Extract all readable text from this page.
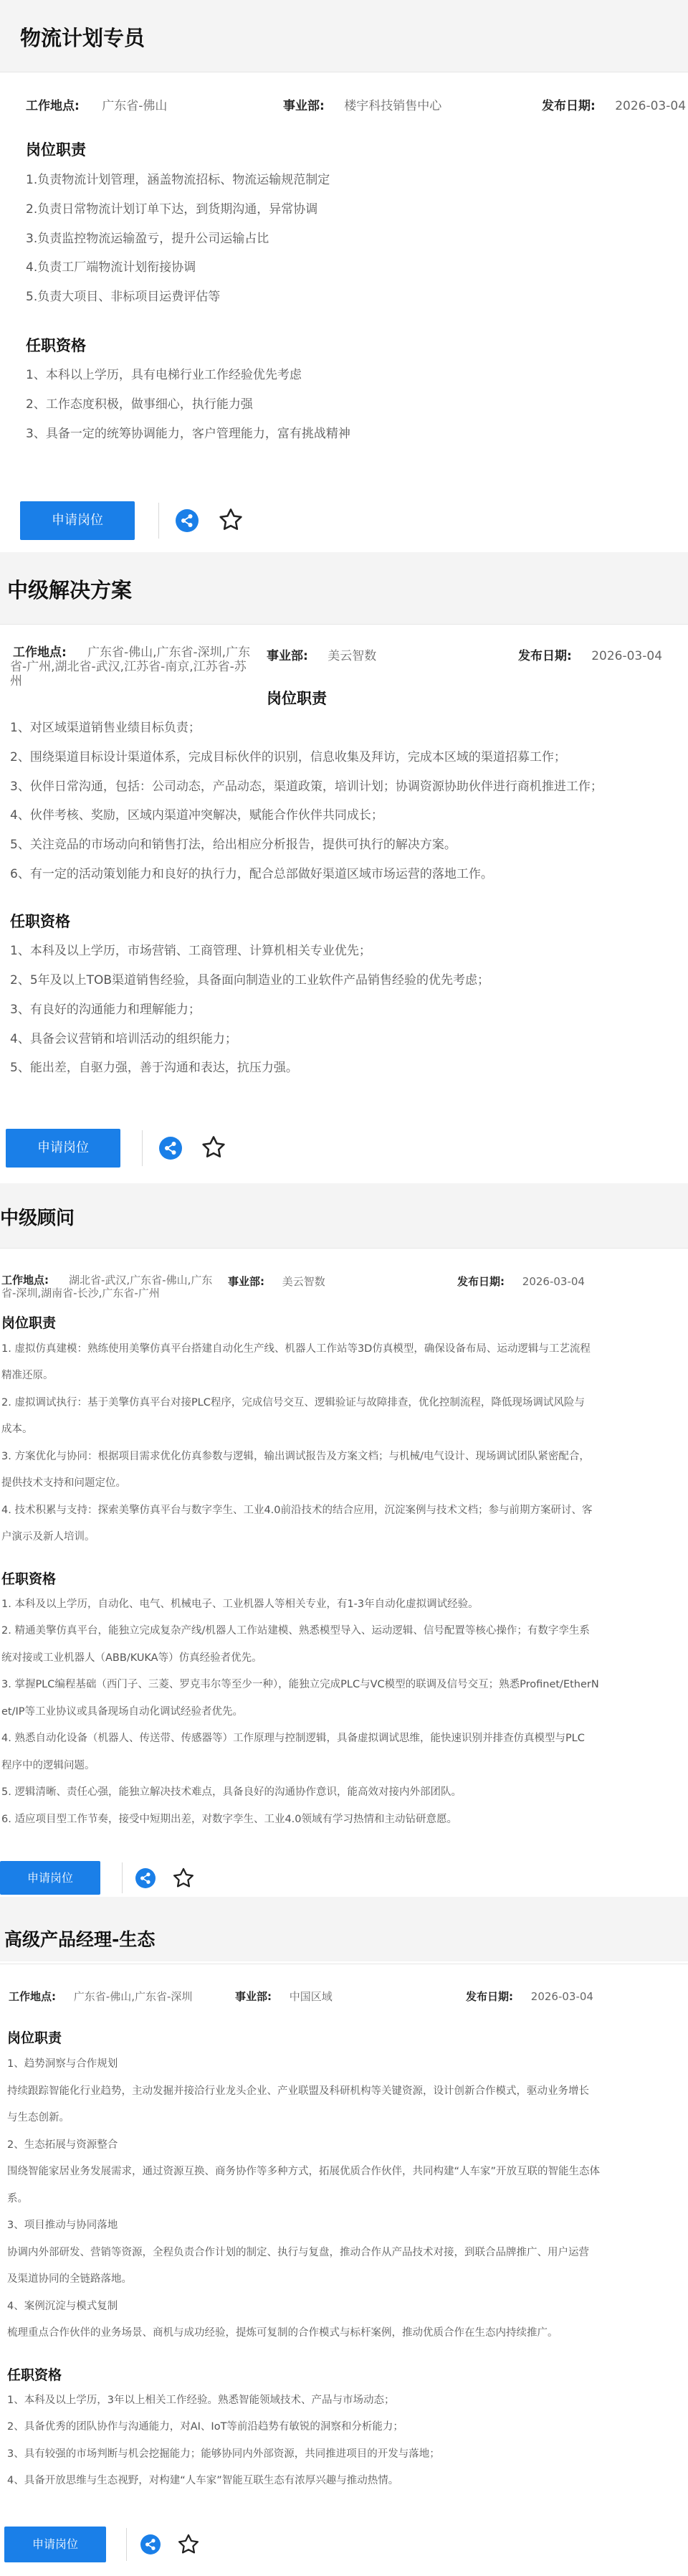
物流计划专员
工作地点: 广东省-佛山	事业部: 楼宇科技销售中心	发布日期: 2026-03-04
岗位职责
1.负责物流计划管理，涵盖物流招标、物流运输规范制定
2.负责日常物流计划订单下达，到货期沟通，异常协调
3.负责监控物流运输盈亏，提升公司运输占比
4.负责工厂端物流计划衔接协调
5.负责大项目、非标项目运费评估等
任职资格
1、本科以上学历，具有电梯行业工作经验优先考虑
2、工作态度积极，做事细心，执行能力强
3、具备一定的统筹协调能力，客户管理能力，富有挑战精神
申请岗位
中级解决方案
工作地点: 广东省-佛山,广东省-深圳,广东
省-广州,湖北省-武汉,江苏省-南京,江苏省-苏
州
事业部: 美云智数	发布日期: 2026-03-04
岗位职责
1、对区域渠道销售业绩目标负责；
2、围绕渠道目标设计渠道体系，完成目标伙伴的识别，信息收集及拜访，完成本区域的渠道招募工作；
3、伙伴日常沟通，包括：公司动态，产品动态，渠道政策，培训计划；协调资源协助伙伴进行商机推进工作；
4、伙伴考核、奖励，区域内渠道冲突解决，赋能合作伙伴共同成长；
5、关注竞品的市场动向和销售打法，给出相应分析报告，提供可执行的解决方案。
6、有一定的活动策划能力和良好的执行力，配合总部做好渠道区域市场运营的落地工作。
任职资格
1、本科及以上学历，市场营销、工商管理、计算机相关专业优先；
2、5年及以上TOB渠道销售经验，具备面向制造业的工业软件产品销售经验的优先考虑；
3、有良好的沟通能力和理解能力；
4、具备会议营销和培训活动的组织能力；
5、能出差，自驱力强，善于沟通和表达，抗压力强。
申请岗位
中级顾问
工作地点: 湖北省-武汉,广东省-佛山,广东
省-深圳,湖南省-长沙,广东省-广州
事业部: 美云智数	发布日期: 2026-03-04
岗位职责
1. 虚拟仿真建模：熟练使用美擎仿真平台搭建自动化生产线、机器人工作站等3D仿真模型，确保设备布局、运动逻辑与工艺流程
精准还原。
2. 虚拟调试执行：基于美擎仿真平台对接PLC程序，完成信号交互、逻辑验证与故障排查，优化控制流程，降低现场调试风险与
成本。
3. 方案优化与协同：根据项目需求优化仿真参数与逻辑，输出调试报告及方案文档；与机械/电气设计、现场调试团队紧密配合，
提供技术支持和问题定位。
4. 技术积累与支持：探索美擎仿真平台与数字孪生、工业4.0前沿技术的结合应用，沉淀案例与技术文档；参与前期方案研讨、客
户演示及新人培训。
任职资格
1. 本科及以上学历，自动化、电气、机械电子、工业机器人等相关专业，有1-3年自动化虚拟调试经验。
2. 精通美擎仿真平台，能独立完成复杂产线/机器人工作站建模、熟悉模型导入、运动逻辑、信号配置等核心操作；有数字孪生系
统对接或工业机器人（ABB/KUKA等）仿真经验者优先。
3. 掌握PLC编程基础（西门子、三菱、罗克韦尔等至少一种），能独立完成PLC与VC模型的联调及信号交互；熟悉Profinet/EtherN
et/IP等工业协议或具备现场自动化调试经验者优先。
4. 熟悉自动化设备（机器人、传送带、传感器等）工作原理与控制逻辑，具备虚拟调试思维，能快速识别并排查仿真模型与PLC
程序中的逻辑问题。
5. 逻辑清晰、责任心强，能独立解决技术难点，具备良好的沟通协作意识，能高效对接内外部团队。
6. 适应项目型工作节奏，接受中短期出差，对数字孪生、工业4.0领域有学习热情和主动钻研意愿。
申请岗位
高级产品经理-生态
工作地点: 广东省-佛山,广东省-深圳	事业部: 中国区域	发布日期: 2026-03-04
岗位职责
1、趋势洞察与合作规划
持续跟踪智能化行业趋势，主动发掘并接洽行业龙头企业、产业联盟及科研机构等关键资源，设计创新合作模式，驱动业务增长
与生态创新。
2、生态拓展与资源整合
围绕智能家居业务发展需求，通过资源互换、商务协作等多种方式，拓展优质合作伙伴，共同构建“人车家”开放互联的智能生态体
系。
3、项目推动与协同落地
协调内外部研发、营销等资源，全程负责合作计划的制定、执行与复盘，推动合作从产品技术对接，到联合品牌推广、用户运营
及渠道协同的全链路落地。
4、案例沉淀与模式复制
梳理重点合作伙伴的业务场景、商机与成功经验，提炼可复制的合作模式与标杆案例，推动优质合作在生态内持续推广。
任职资格
1、本科及以上学历，3年以上相关工作经验。熟悉智能领域技术、产品与市场动态；
2、具备优秀的团队协作与沟通能力，对AI、IoT等前沿趋势有敏锐的洞察和分析能力；
3、具有较强的市场判断与机会挖掘能力；能够协同内外部资源，共同推进项目的开发与落地；
4、具备开放思维与生态视野，对构建“人车家”智能互联生态有浓厚兴趣与推动热情。
申请岗位
